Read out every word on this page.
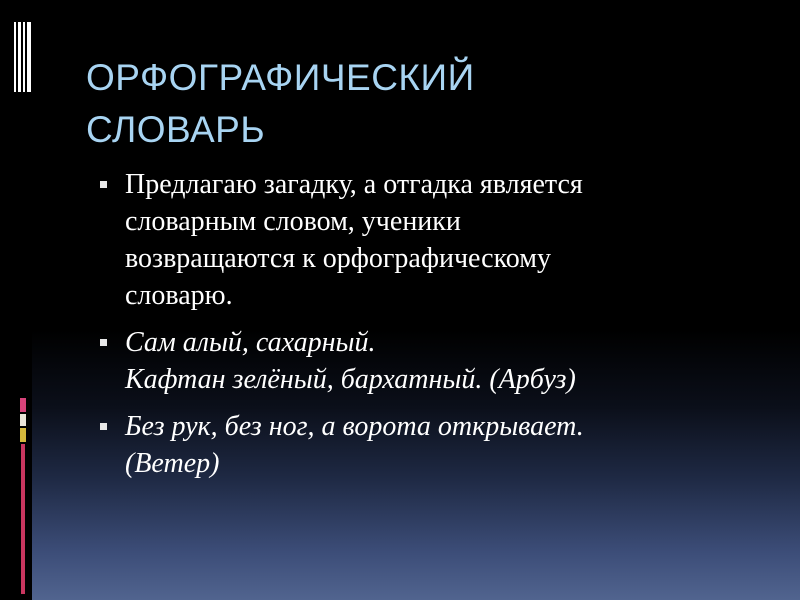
ОРФОГРАФИЧЕСКИЙ
СЛОВАРЬ
Предлагаю загадку, а отгадка является
словарным словом, ученики
возвращаются к орфографическому
словарю.
Сам алый, сахарный.
Кафтан зелёный, бархатный. (Арбуз)
Без рук, без ног, а ворота открывает.
(Ветер)
